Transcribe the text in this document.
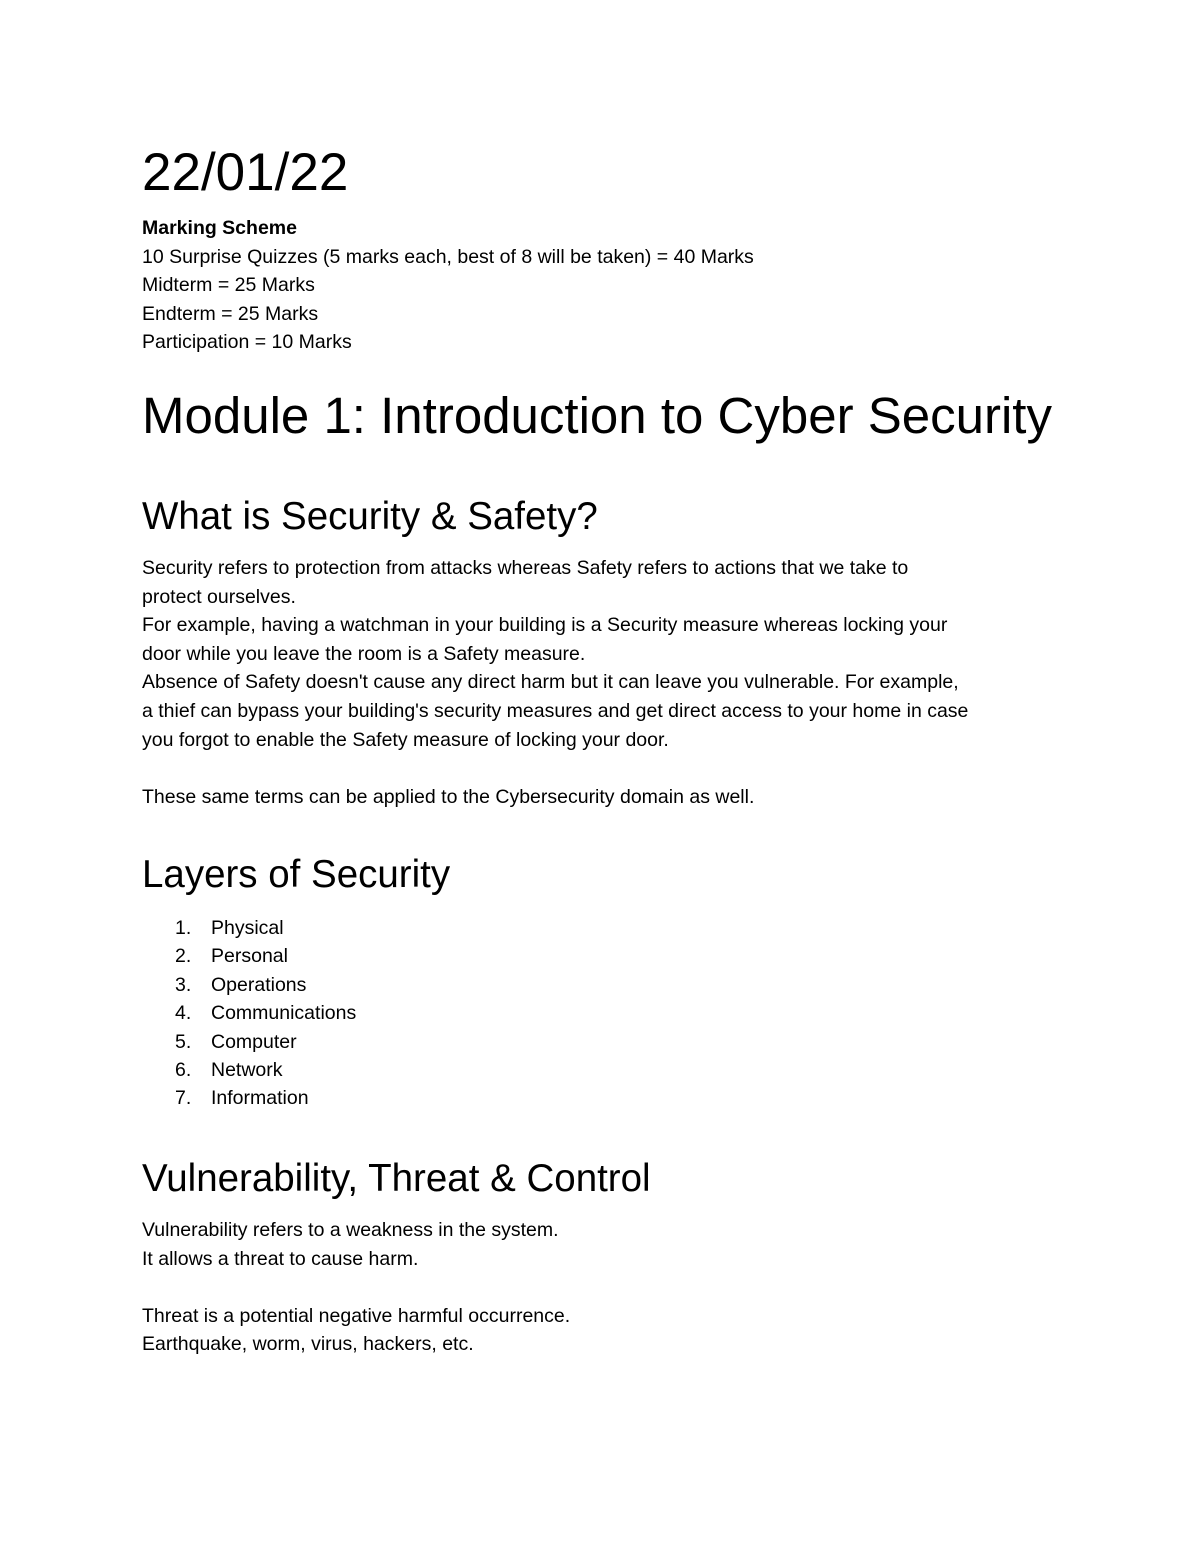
22/01/22
Marking Scheme
10 Surprise Quizzes (5 marks each, best of 8 will be taken) = 40 Marks
Midterm = 25 Marks
Endterm = 25 Marks
Participation = 10 Marks
Module 1: Introduction to Cyber Security
What is Security & Safety?
Security refers to protection from attacks whereas Safety refers to actions that we take to
protect ourselves.
For example, having a watchman in your building is a Security measure whereas locking your
door while you leave the room is a Safety measure.
Absence of Safety doesn't cause any direct harm but it can leave you vulnerable. For example,
a thief can bypass your building's security measures and get direct access to your home in case
you forgot to enable the Safety measure of locking your door.
These same terms can be applied to the Cybersecurity domain as well.
Layers of Security
1. Physical
2. Personal
3. Operations
4. Communications
5. Computer
6. Network
7. Information
Vulnerability, Threat & Control
Vulnerability refers to a weakness in the system.
It allows a threat to cause harm.
Threat is a potential negative harmful occurrence.
Earthquake, worm, virus, hackers, etc.
